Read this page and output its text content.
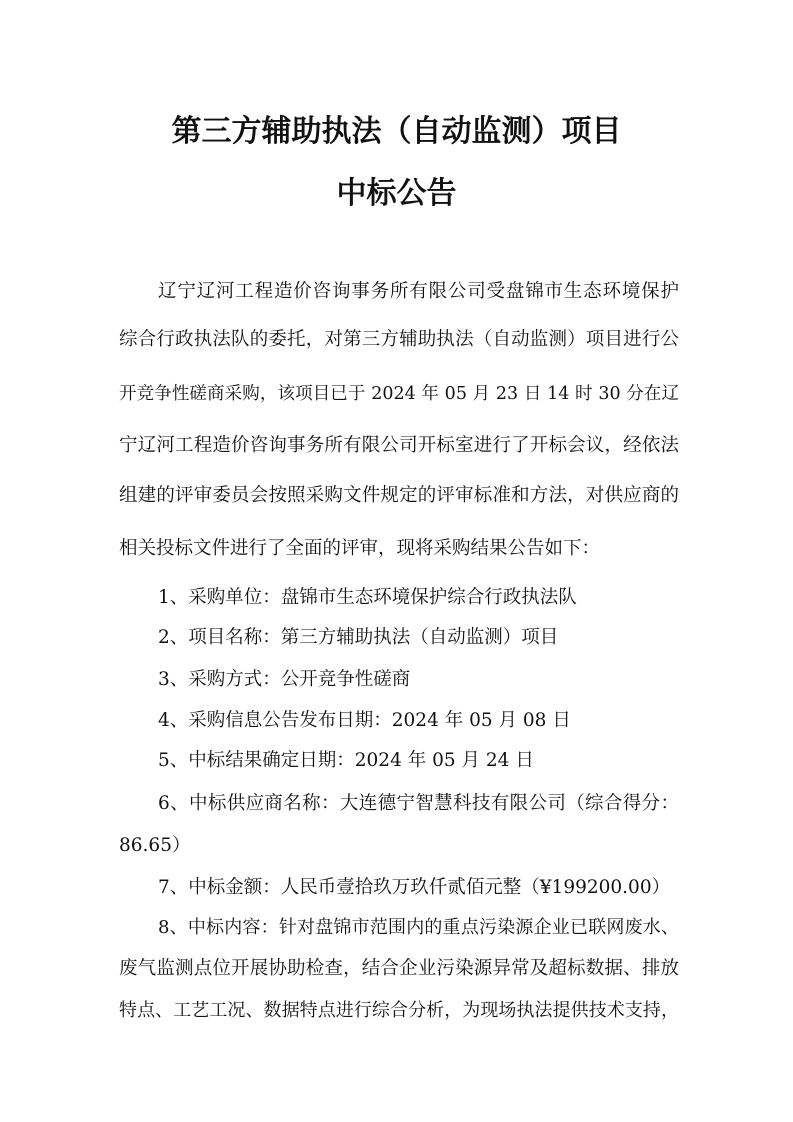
第三方辅助执法（自动监测）项目
中标公告
辽宁辽河工程造价咨询事务所有限公司受盘锦市生态环境保护
综合行政执法队的委托，对第三方辅助执法（自动监测）项目进行公
开竞争性磋商采购，该项目已于 2024 年 05 月 23 日 14 时 30 分在辽
宁辽河工程造价咨询事务所有限公司开标室进行了开标会议，经依法
组建的评审委员会按照采购文件规定的评审标准和方法，对供应商的
相关投标文件进行了全面的评审，现将采购结果公告如下：
1、采购单位：盘锦市生态环境保护综合行政执法队
2、项目名称：第三方辅助执法（自动监测）项目
3、采购方式：公开竞争性磋商
4、采购信息公告发布日期：2024 年 05 月 08 日
5、中标结果确定日期：2024 年 05 月 24 日
6、中标供应商名称：大连德宁智慧科技有限公司（综合得分：
86.65）
7、中标金额：人民币壹拾玖万玖仟贰佰元整（¥199200.00）
8、中标内容：针对盘锦市范围内的重点污染源企业已联网废水、
废气监测点位开展协助检查，结合企业污染源异常及超标数据、排放
特点、工艺工况、数据特点进行综合分析，为现场执法提供技术支持，
